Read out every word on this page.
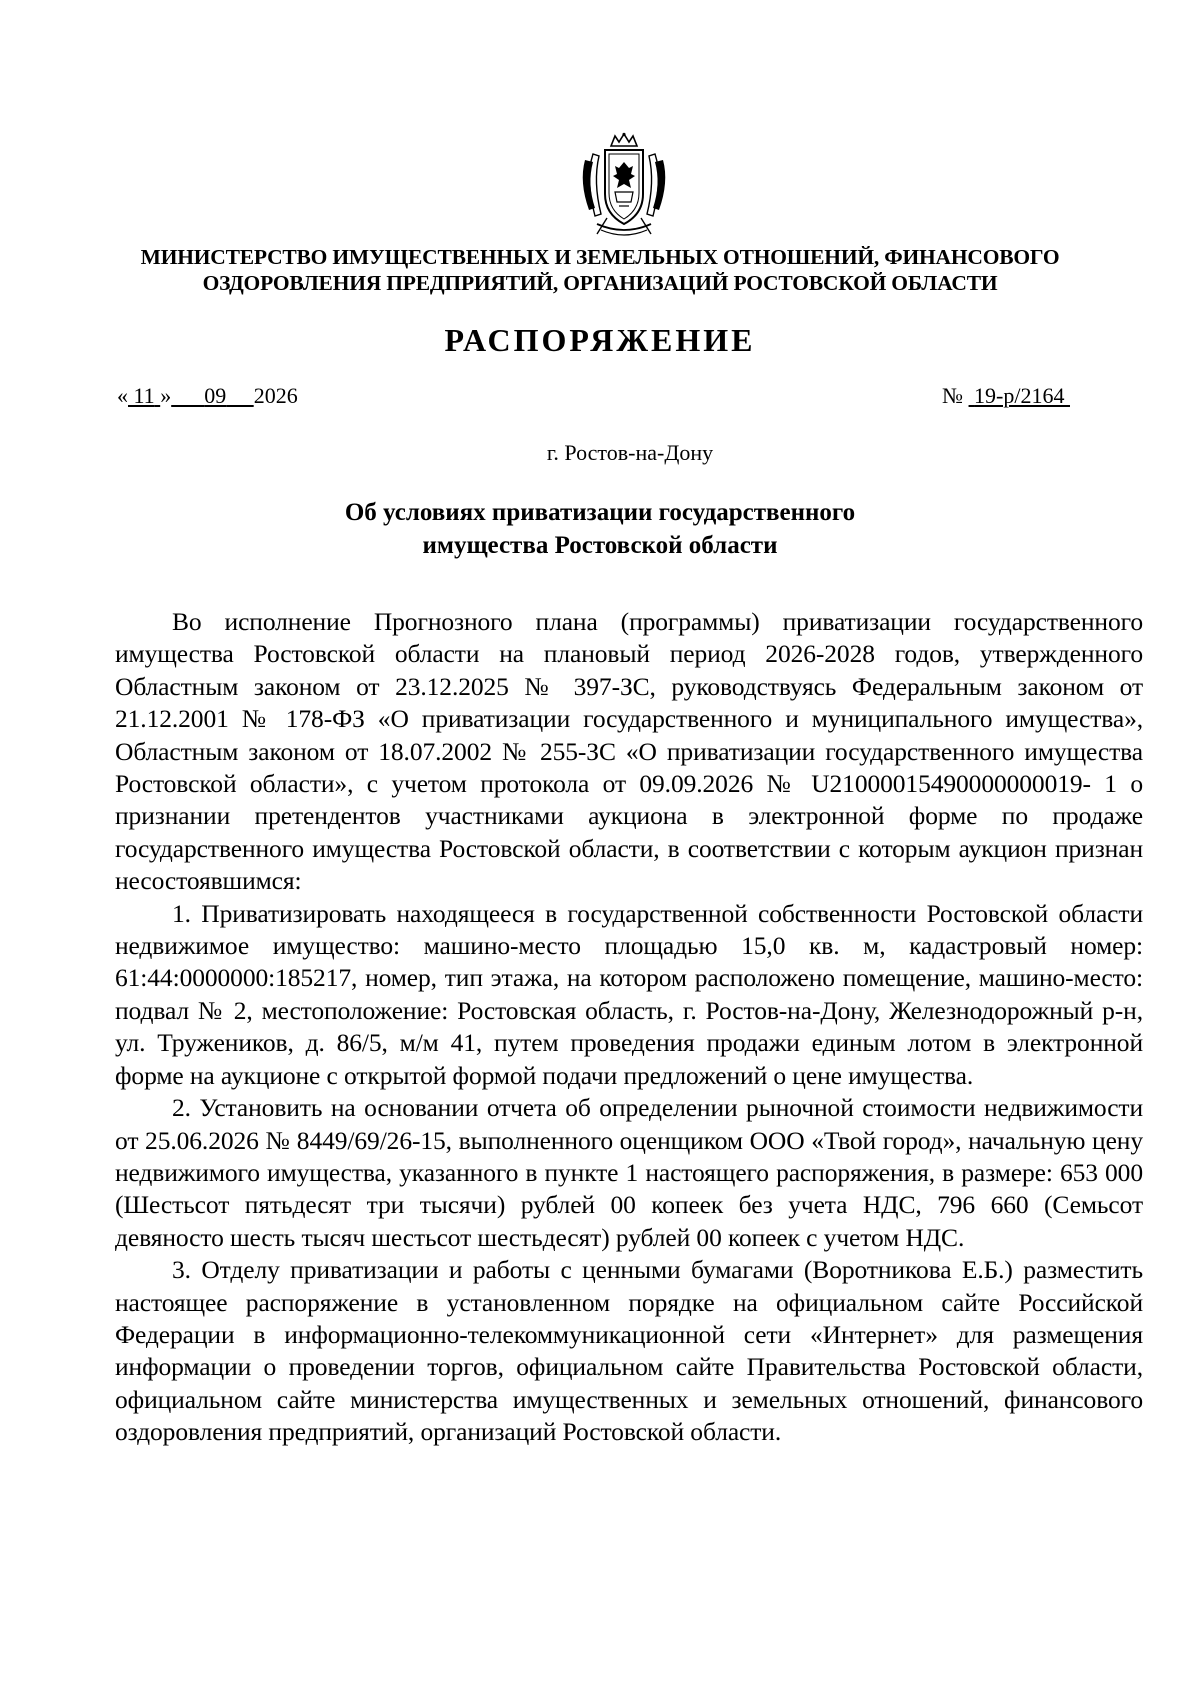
МИНИСТЕРСТВО ИМУЩЕСТВЕННЫХ И ЗЕМЕЛЬНЫХ ОТНОШЕНИЙ, ФИНАНСОВОГО
ОЗДОРОВЛЕНИЯ ПРЕДПРИЯТИЙ, ОРГАНИЗАЦИЙ РОСТОВСКОЙ ОБЛАСТИ
РАСПОРЯЖЕНИЕ
« 11 » 09 2026	№ 19-р/2164
г. Ростов-на-Дону
Об условиях приватизации государственного
имущества Ростовской области

Во исполнение Прогнозного плана (программы) приватизации государственного имущества Ростовской области на плановый период 2026-2028 годов, утвержденного Областным законом от 23.12.2025 № 397-ЗС, руководствуясь Федеральным законом от 21.12.2001 № 178-ФЗ «О приватизации государственного и муниципального имущества», Областным законом от 18.07.2002 № 255-ЗС «О приватизации государственного имущества Ростовской области», с учетом протокола от 09.09.2026 № U21000015490000000019- 1 о признании претендентов участниками аукциона в электронной форме по продаже государственного имущества Ростовской области, в соответствии с которым аукцион признан несостоявшимся:

1. Приватизировать находящееся в государственной собственности Ростовской области недвижимое имущество: машино-место площадью 15,0 кв. м, кадастровый номер: 61:44:0000000:185217, номер, тип этажа, на котором расположено помещение, машино-место: подвал № 2, местоположение: Ростовская область, г. Ростов-на-Дону, Железнодорожный р-н, ул. Тружеников, д. 86/5, м/м 41, путем проведения продажи единым лотом в электронной форме на аукционе с открытой формой подачи предложений о цене имущества.

2. Установить на основании отчета об определении рыночной стоимости недвижимости от 25.06.2026 № 8449/69/26-15, выполненного оценщиком ООО «Твой город», начальную цену недвижимого имущества, указанного в пункте 1 настоящего распоряжения, в размере: 653 000 (Шестьсот пятьдесят три тысячи) рублей 00 копеек без учета НДС, 796 660 (Семьсот девяносто шесть тысяч шестьсот шестьдесят) рублей 00 копеек с учетом НДС.

3. Отделу приватизации и работы с ценными бумагами (Воротникова Е.Б.) разместить настоящее распоряжение в установленном порядке на официальном сайте Российской Федерации в информационно-телекоммуникационной сети «Интернет» для размещения информации о проведении торгов, официальном сайте Правительства Ростовской области, официальном сайте министерства имущественных и земельных отношений, финансового оздоровления предприятий, организаций Ростовской области.
